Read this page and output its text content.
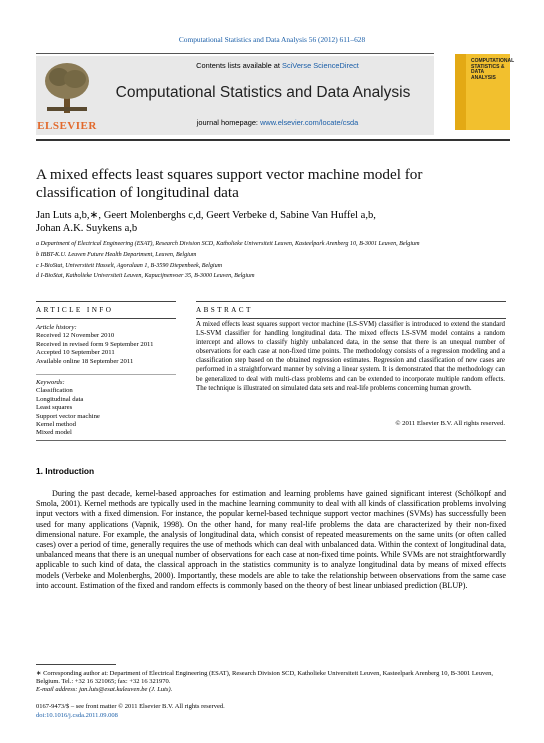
Computational Statistics and Data Analysis 56 (2012) 611–628
ELSEVIER
Contents lists available at SciVerse ScienceDirect
Computational Statistics and Data Analysis
journal homepage: www.elsevier.com/locate/csda
COMPUTATIONAL STATISTICS & DATA ANALYSIS
A mixed effects least squares support vector machine model for
classification of longitudinal data
Jan Luts a,b,∗, Geert Molenberghs c,d, Geert Verbeke d, Sabine Van Huffel a,b,
Johan A.K. Suykens a,b
a Department of Electrical Engineering (ESAT), Research Division SCD, Katholieke Universiteit Leuven, Kasteelpark Arenberg 10, B-3001 Leuven, Belgium
b IBBT-K.U. Leuven Future Health Department, Leuven, Belgium
c I-BioStat, Universiteit Hasselt, Agoralaan 1, B-3590 Diepenbeek, Belgium
d I-BioStat, Katholieke Universiteit Leuven, Kapucijnenvoer 35, B-3000 Leuven, Belgium
ARTICLE INFO
Article history:
Received 12 November 2010
Received in revised form 9 September 2011
Accepted 10 September 2011
Available online 18 September 2011
Keywords:
Classification
Longitudinal data
Least squares
Support vector machine
Kernel method
Mixed model
ABSTRACT
A mixed effects least squares support vector machine (LS-SVM) classifier is introduced to extend the standard LS-SVM classifier for handling longitudinal data. The mixed effects LS-SVM model contains a random intercept and allows to classify highly unbalanced data, in the sense that there is an unequal number of observations for each case at non-fixed time points. The methodology consists of a regression modeling and a classification step based on the obtained regression estimates. Regression and classification of new cases are performed in a straightforward manner by solving a linear system. It is demonstrated that the methodology can be generalized to deal with multi-class problems and can be extended to incorporate multiple random effects. The technique is illustrated on simulated data sets and real-life problems concerning human growth.
© 2011 Elsevier B.V. All rights reserved.
1. Introduction
During the past decade, kernel-based approaches for estimation and learning problems have gained significant interest (Schölkopf and Smola, 2001). Kernel methods are typically used in the machine learning community to deal with all kinds of classification problems involving input vectors with a fixed dimension. For instance, the popular kernel-based technique support vector machines (SVMs) has successfully been used for many applications (Vapnik, 1998). On the other hand, for many real-life problems the data are characterized by their non-fixed dimensional nature. For example, the analysis of longitudinal data, which consist of repeated measurements on the same units (or often called cases) over a period of time, generally requires the use of methods which can deal with unbalanced data. Within the context of longitudinal data, unbalanced means that there is an unequal number of observations for each case at non-fixed time points. While SVMs are not straightforwardly applicable to such kind of data, the classical approach in the statistics community is to analyze longitudinal data by means of mixed effects models (Verbeke and Molenberghs, 2000). Importantly, these models are able to take the relationship between observations from the same case into account. Estimation of the fixed and random effects is commonly based on the theory of best linear unbiased prediction (BLUP).
∗ Corresponding author at: Department of Electrical Engineering (ESAT), Research Division SCD, Katholieke Universiteit Leuven, Kasteelpark Arenberg 10, B-3001 Leuven, Belgium. Tel.: +32 16 321065; fax: +32 16 321970.
E-mail address: jan.luts@esat.kuleuven.be (J. Luts).
0167-9473/$ – see front matter © 2011 Elsevier B.V. All rights reserved.
doi:10.1016/j.csda.2011.09.008
